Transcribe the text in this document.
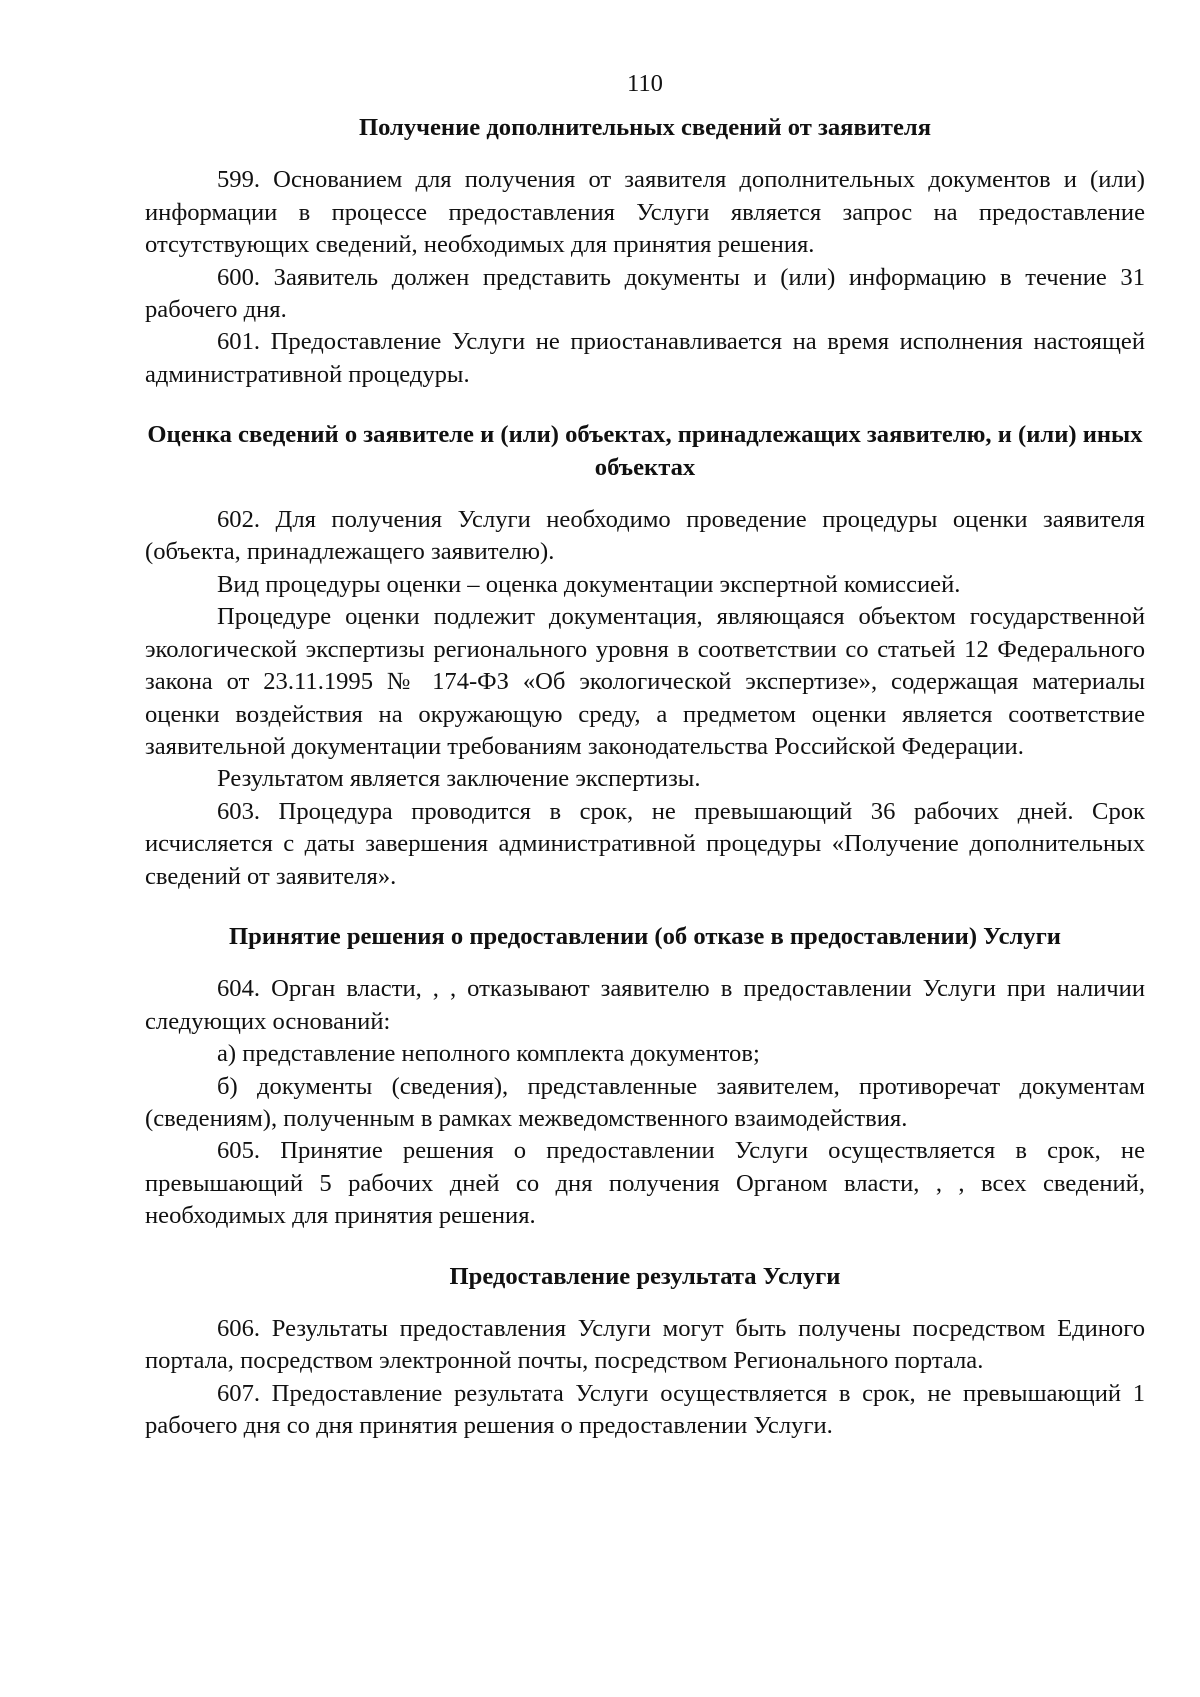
110

Получение дополнительных сведений от заявителя

599. Основанием для получения от заявителя дополнительных документов и (или) информации в процессе предоставления Услуги является запрос на предоставление отсутствующих сведений, необходимых для принятия решения.

600. Заявитель должен представить документы и (или) информацию в течение 31 рабочего дня.

601. Предоставление Услуги не приостанавливается на время исполнения настоящей административной процедуры.

Оценка сведений о заявителе и (или) объектах, принадлежащих заявителю, и (или) иных объектах

602. Для получения Услуги необходимо проведение процедуры оценки заявителя (объекта, принадлежащего заявителю).

Вид процедуры оценки – оценка документации экспертной комиссией.

Процедуре оценки подлежит документация, являющаяся объектом государственной экологической экспертизы регионального уровня в соответствии со статьей 12 Федерального закона от 23.11.1995 № 174-ФЗ «Об экологической экспертизе», содержащая материалы оценки воздействия на окружающую среду, а предметом оценки является соответствие заявительной документации требованиям законодательства Российской Федерации.

Результатом является заключение экспертизы.

603. Процедура проводится в срок, не превышающий 36 рабочих дней. Срок исчисляется с даты завершения административной процедуры «Получение дополнительных сведений от заявителя».

Принятие решения о предоставлении (об отказе в предоставлении) Услуги

604. Орган власти, , , отказывают заявителю в предоставлении Услуги при наличии следующих оснований:

а) представление неполного комплекта документов;

б) документы (сведения), представленные заявителем, противоречат документам (сведениям), полученным в рамках межведомственного взаимодействия.

605. Принятие решения о предоставлении Услуги осуществляется в срок, не превышающий 5 рабочих дней со дня получения Органом власти, , , всех сведений, необходимых для принятия решения.

Предоставление результата Услуги

606. Результаты предоставления Услуги могут быть получены посредством Единого портала, посредством электронной почты, посредством Регионального портала.

607. Предоставление результата Услуги осуществляется в срок, не превышающий 1 рабочего дня со дня принятия решения о предоставлении Услуги.
